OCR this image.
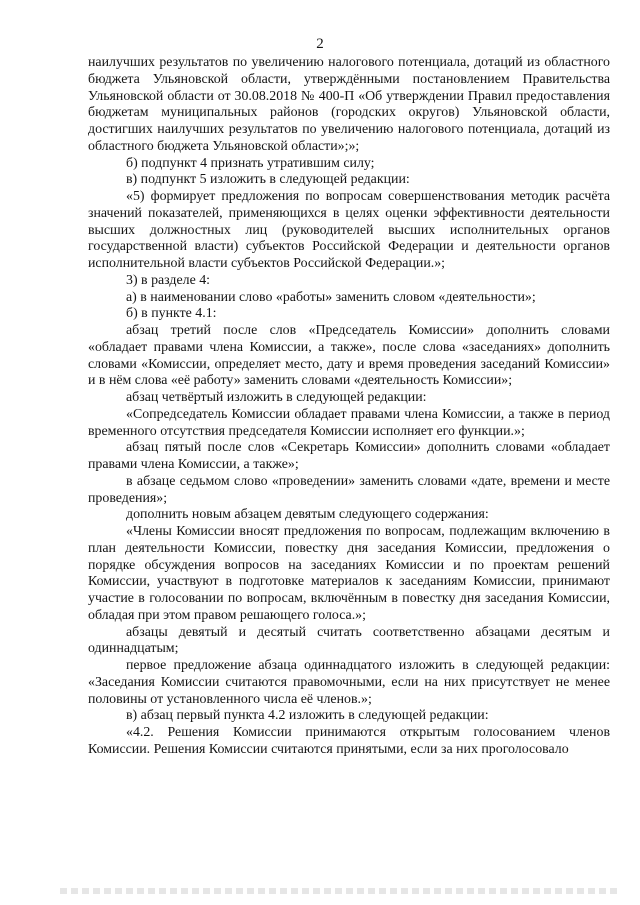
2

наилучших результатов по увеличению налогового потенциала, дотаций из областного бюджета Ульяновской области, утверждёнными постановлением Правительства Ульяновской области от 30.08.2018 № 400-П «Об утверждении Правил предоставления бюджетам муниципальных районов (городских округов) Ульяновской области, достигших наилучших результатов по увеличению налогового потенциала, дотаций из областного бюджета Ульяновской области»;»;

б) подпункт 4 признать утратившим силу;

в) подпункт 5 изложить в следующей редакции:

«5) формирует предложения по вопросам совершенствования методик расчёта значений показателей, применяющихся в целях оценки эффективности деятельности высших должностных лиц (руководителей высших исполнительных органов государственной власти) субъектов Российской Федерации и деятельности органов исполнительной власти субъектов Российской Федерации.»;

3) в разделе 4:

а) в наименовании слово «работы» заменить словом «деятельности»;

б) в пункте 4.1:

абзац третий после слов «Председатель Комиссии» дополнить словами «обладает правами члена Комиссии, а также», после слова «заседаниях» дополнить словами «Комиссии, определяет место, дату и время проведения заседаний Комиссии» и в нём слова «её работу» заменить словами «деятельность Комиссии»;

абзац четвёртый изложить в следующей редакции:

«Сопредседатель Комиссии обладает правами члена Комиссии, а также в период временного отсутствия председателя Комиссии исполняет его функции.»;

абзац пятый после слов «Секретарь Комиссии» дополнить словами «обладает правами члена Комиссии, а также»;

в абзаце седьмом слово «проведении» заменить словами «дате, времени и месте проведения»;

дополнить новым абзацем девятым следующего содержания:

«Члены Комиссии вносят предложения по вопросам, подлежащим включению в план деятельности Комиссии, повестку дня заседания Комиссии, предложения о порядке обсуждения вопросов на заседаниях Комиссии и по проектам решений Комиссии, участвуют в подготовке материалов к заседаниям Комиссии, принимают участие в голосовании по вопросам, включённым в повестку дня заседания Комиссии, обладая при этом правом решающего голоса.»;

абзацы девятый и десятый считать соответственно абзацами десятым и одиннадцатым;

первое предложение абзаца одиннадцатого изложить в следующей редакции: «Заседания Комиссии считаются правомочными, если на них присутствует не менее половины от установленного числа её членов.»;

в) абзац первый пункта 4.2 изложить в следующей редакции:

«4.2. Решения Комиссии принимаются открытым голосованием членов Комиссии. Решения Комиссии считаются принятыми, если за них проголосовало
